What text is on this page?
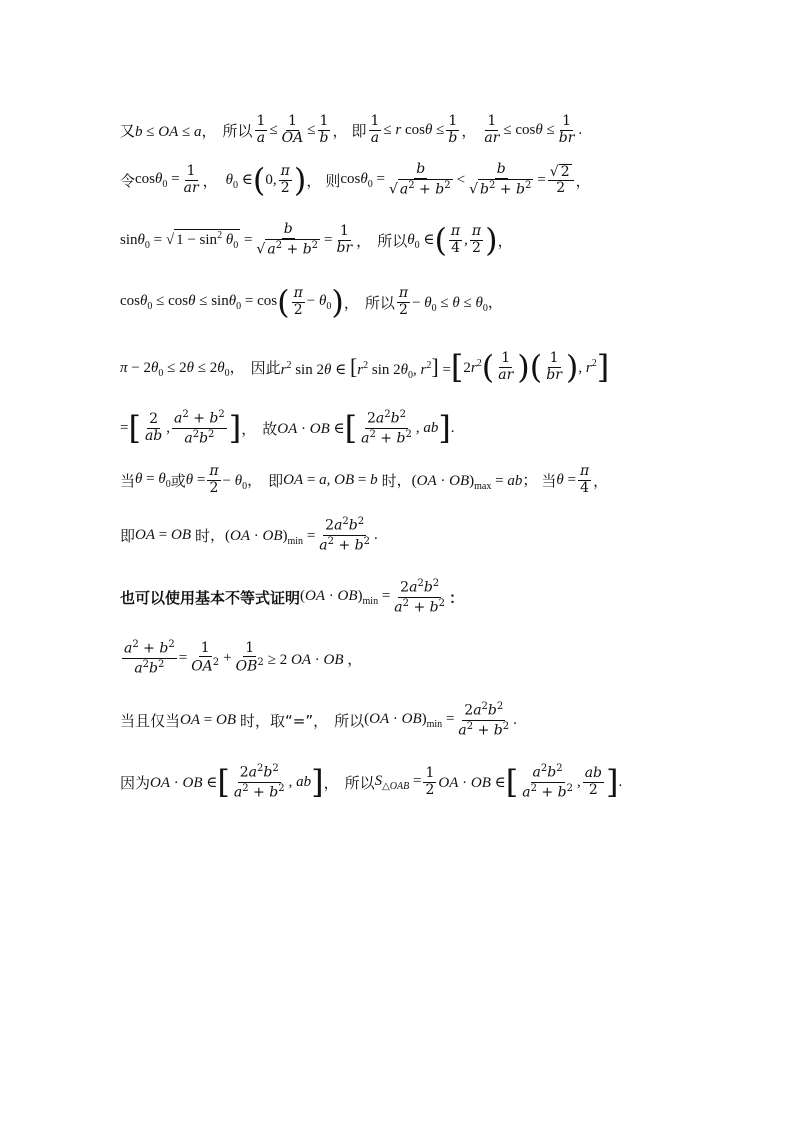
又 b ≤ OA ≤ a， 所以 $\frac{1}{a} \le \frac{1}{OA} \le \frac{1}{b}$ ， 即 $\frac{1}{a} \le r$ $\cos\theta \le \frac{1}{b}$ ， $\frac{1}{ar} \le \cos\theta \le \frac{1}{br}$ .
令 $\cos\theta_0 = \frac{1}{ar}$ ， $\theta_0$ ∈ ( 0, $\frac{\pi}{2}$ ) ， 则 $\cos\theta_0 = \frac{b}{√ a^2 + b^2} < \frac{b}{√ b^2 + b^2} = \frac{√ 2}{2}$ ，
sinθ$_0$ = √ $1 - \sin^2 \theta_0 = \frac{b}{√ a^2 + b^2} = \frac{1}{br}$ ， 所以 $\theta_0$ ∈ ( $\frac{\pi}{4}$ , $\frac{\pi}{2}$ ) ，
cosθ$_0$ ≤ cosθ ≤ sinθ$_0$ = cos ( $\frac{\pi}{2} - \theta_0$ ) ， 所以 $\frac{\pi}{2} - \theta_0 \le \theta \le \theta_0$，
$\pi - 2\theta_0 \le 2\theta \le 2\theta_0$， 因此 $r^2$ sin 2θ ∈ [$r^2$ $\sin 2\theta_0$, $r^2$] = [ $2r^2$ ( $\frac{1}{ar}$ )( $\frac{1}{br}$ ) , $r^2$ ]
= [ $\frac{2}{ab}$ , $\frac{a^2 + b^2}{a^2b^2}$ ] ， 故 OA · OB ∈ [ $\frac{2a^2b^2}{a^2 + b^2}$ , ab ] .
当 $\theta = \theta_0$ 或 $\theta = \frac{\pi}{2} - \theta_0$， 即 OA = a, OB = b 时 ，$(OA \cdot OB)_{max}$ = ab； 当 $\theta = \frac{\pi}{4}$ ，
即 OA = OB 时 ，$(OA \cdot OB)_{min} = \frac{2a^2b^2}{a^2 + b^2}$ .
也可以使用基本不等式证明 $(OA \cdot OB)_{min} = \frac{2a^2b^2}{a^2 + b^2}$ ：
$\frac{a^2 + b^2}{a^2b^2} = \frac{1}{OA^2} + \frac{1}{OB^2} \ge 2$ OA · OB ，
当且仅当 OA = OB 时，取“=”， 所以 $(OA \cdot OB)_{min} = \frac{2a^2b^2}{a^2 + b^2}$ .
因为 OA · OB ∈ [ $\frac{2a^2b^2}{a^2 + b^2}$ , ab ] ， 所以 $S_{\triangle OAB} = \frac{1}{2}$ OA · OB ∈ [ $\frac{a^2b^2}{a^2 + b^2}$ , $\frac{ab}{2}$ ] .
